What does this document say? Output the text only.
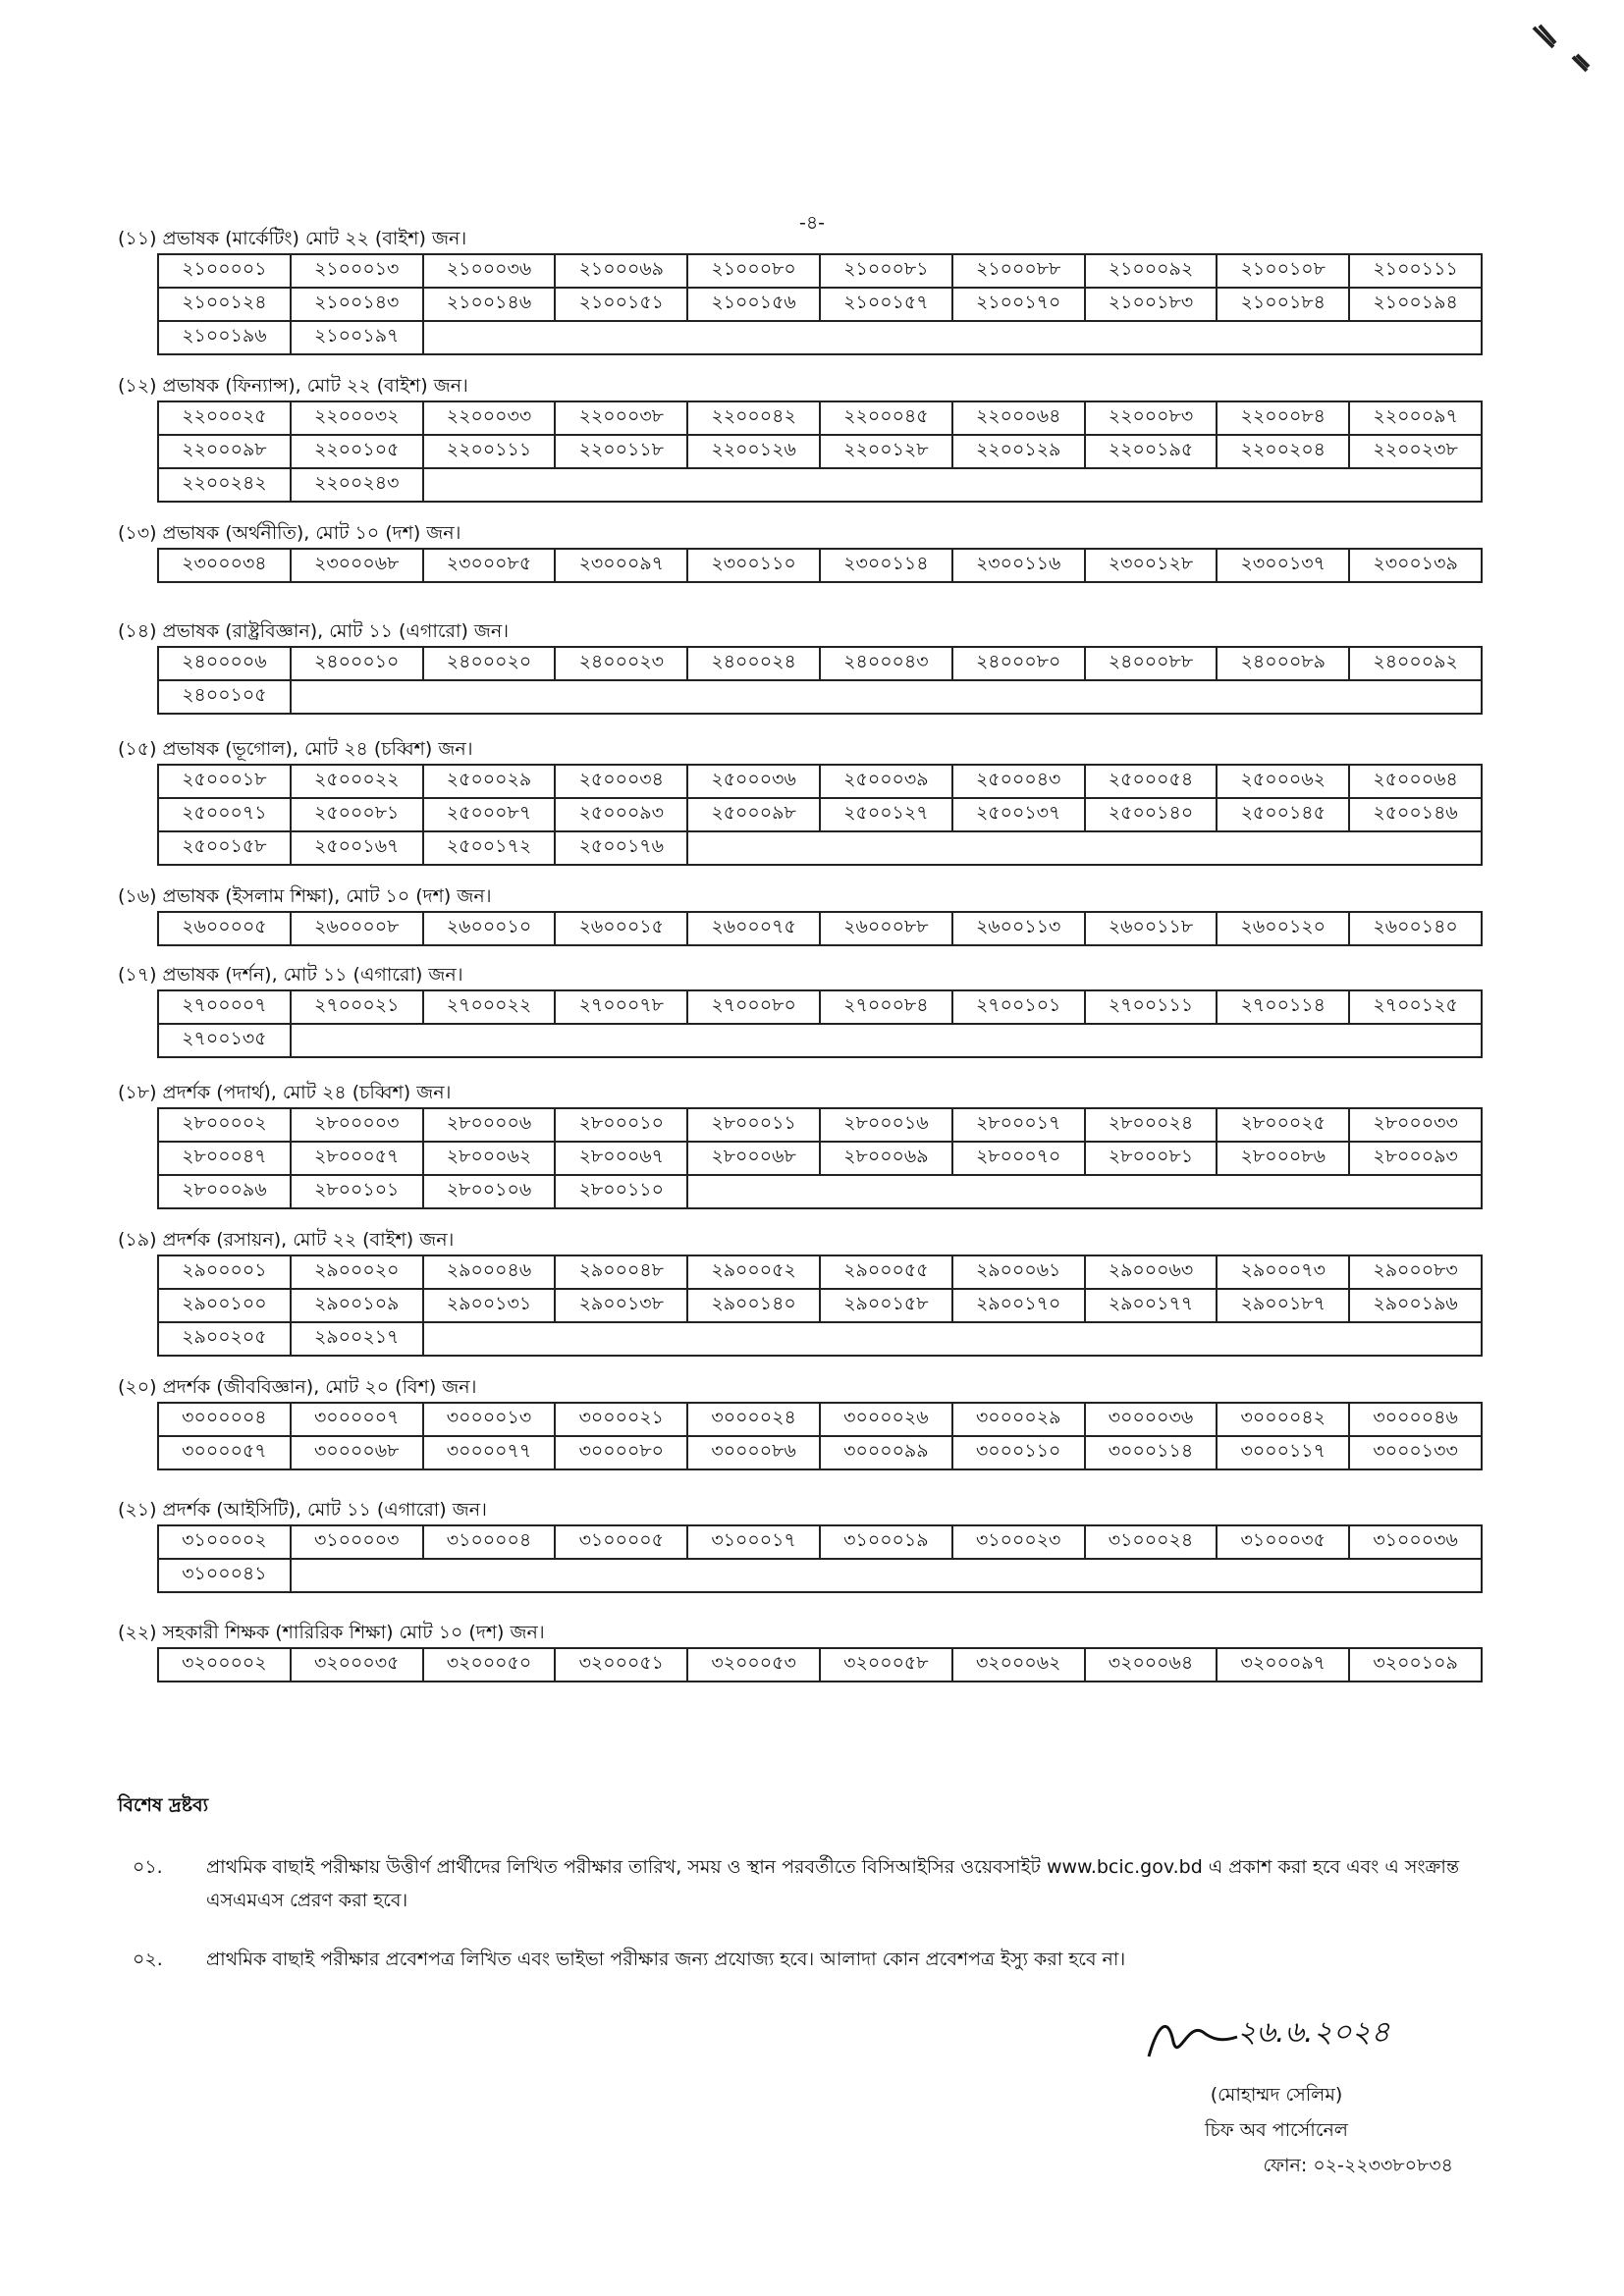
-৪-
(১১) প্রভাষক (মার্কেটিং) মোট ২২ (বাইশ) জন।
২১০০০০১	২১০০০১৩	২১০০০৩৬	২১০০০৬৯	২১০০০৮০	২১০০০৮১	২১০০০৮৮	২১০০০৯২	২১০০১০৮	২১০০১১১
২১০০১২৪	২১০০১৪৩	২১০০১৪৬	২১০০১৫১	২১০০১৫৬	২১০০১৫৭	২১০০১৭০	২১০০১৮৩	২১০০১৮৪	২১০০১৯৪
২১০০১৯৬	২১০০১৯৭								
(১২) প্রভাষক (ফিন্যান্স), মোট ২২ (বাইশ) জন।
২২০০০২৫	২২০০০৩২	২২০০০৩৩	২২০০০৩৮	২২০০০৪২	২২০০০৪৫	২২০০০৬৪	২২০০০৮৩	২২০০০৮৪	২২০০০৯৭
২২০০০৯৮	২২০০১০৫	২২০০১১১	২২০০১১৮	২২০০১২৬	২২০০১২৮	২২০০১২৯	২২০০১৯৫	২২০০২০৪	২২০০২৩৮
২২০০২৪২	২২০০২৪৩								
(১৩) প্রভাষক (অর্থনীতি), মোট ১০ (দশ) জন।
২৩০০০৩৪	২৩০০০৬৮	২৩০০০৮৫	২৩০০০৯৭	২৩০০১১০	২৩০০১১৪	২৩০০১১৬	২৩০০১২৮	২৩০০১৩৭	২৩০০১৩৯
(১৪) প্রভাষক (রাষ্ট্রবিজ্ঞান), মোট ১১ (এগারো) জন।
২৪০০০০৬	২৪০০০১০	২৪০০০২০	২৪০০০২৩	২৪০০০২৪	২৪০০০৪৩	২৪০০০৮০	২৪০০০৮৮	২৪০০০৮৯	২৪০০০৯২
২৪০০১০৫									
(১৫) প্রভাষক (ভূগোল), মোট ২৪ (চব্বিশ) জন।
২৫০০০১৮	২৫০০০২২	২৫০০০২৯	২৫০০০৩৪	২৫০০০৩৬	২৫০০০৩৯	২৫০০০৪৩	২৫০০০৫৪	২৫০০০৬২	২৫০০০৬৪
২৫০০০৭১	২৫০০০৮১	২৫০০০৮৭	২৫০০০৯৩	২৫০০০৯৮	২৫০০১২৭	২৫০০১৩৭	২৫০০১৪০	২৫০০১৪৫	২৫০০১৪৬
২৫০০১৫৮	২৫০০১৬৭	২৫০০১৭২	২৫০০১৭৬						
(১৬) প্রভাষক (ইসলাম শিক্ষা), মোট ১০ (দশ) জন।
২৬০০০০৫	২৬০০০০৮	২৬০০০১০	২৬০০০১৫	২৬০০০৭৫	২৬০০০৮৮	২৬০০১১৩	২৬০০১১৮	২৬০০১২০	২৬০০১৪০
(১৭) প্রভাষক (দর্শন), মোট ১১ (এগারো) জন।
২৭০০০০৭	২৭০০০২১	২৭০০০২২	২৭০০০৭৮	২৭০০০৮০	২৭০০০৮৪	২৭০০১০১	২৭০০১১১	২৭০০১১৪	২৭০০১২৫
২৭০০১৩৫									
(১৮) প্রদর্শক (পদার্থ), মোট ২৪ (চব্বিশ) জন।
২৮০০০০২	২৮০০০০৩	২৮০০০০৬	২৮০০০১০	২৮০০০১১	২৮০০০১৬	২৮০০০১৭	২৮০০০২৪	২৮০০০২৫	২৮০০০৩৩
২৮০০০৪৭	২৮০০০৫৭	২৮০০০৬২	২৮০০০৬৭	২৮০০০৬৮	২৮০০০৬৯	২৮০০০৭০	২৮০০০৮১	২৮০০০৮৬	২৮০০০৯৩
২৮০০০৯৬	২৮০০১০১	২৮০০১০৬	২৮০০১১০						
(১৯) প্রদর্শক (রসায়ন), মোট ২২ (বাইশ) জন।
২৯০০০০১	২৯০০০২০	২৯০০০৪৬	২৯০০০৪৮	২৯০০০৫২	২৯০০০৫৫	২৯০০০৬১	২৯০০০৬৩	২৯০০০৭৩	২৯০০০৮৩
২৯০০১০০	২৯০০১০৯	২৯০০১৩১	২৯০০১৩৮	২৯০০১৪০	২৯০০১৫৮	২৯০০১৭০	২৯০০১৭৭	২৯০০১৮৭	২৯০০১৯৬
২৯০০২০৫	২৯০০২১৭								
(২০) প্রদর্শক (জীববিজ্ঞান), মোট ২০ (বিশ) জন।
৩০০০০০৪	৩০০০০০৭	৩০০০০১৩	৩০০০০২১	৩০০০০২৪	৩০০০০২৬	৩০০০০২৯	৩০০০০৩৬	৩০০০০৪২	৩০০০০৪৬
৩০০০০৫৭	৩০০০০৬৮	৩০০০০৭৭	৩০০০০৮০	৩০০০০৮৬	৩০০০০৯৯	৩০০০১১০	৩০০০১১৪	৩০০০১১৭	৩০০০১৩৩
(২১) প্রদর্শক (আইসিটি), মোট ১১ (এগারো) জন।
৩১০০০০২	৩১০০০০৩	৩১০০০০৪	৩১০০০০৫	৩১০০০১৭	৩১০০০১৯	৩১০০০২৩	৩১০০০২৪	৩১০০০৩৫	৩১০০০৩৬
৩১০০০৪১									
(২২) সহকারী শিক্ষক (শারিরিক শিক্ষা) মোট ১০ (দশ) জন।
৩২০০০০২	৩২০০০৩৫	৩২০০০৫০	৩২০০০৫১	৩২০০০৫৩	৩২০০০৫৮	৩২০০০৬২	৩২০০০৬৪	৩২০০০৯৭	৩২০০১০৯
বিশেষ দ্রষ্টব্য
০১.	প্রাথমিক বাছাই পরীক্ষায় উত্তীর্ণ প্রার্থীদের লিখিত পরীক্ষার তারিখ, সময় ও স্থান পরবর্তীতে বিসিআইসির ওয়েবসাইট www.bcic.gov.bd এ প্রকাশ করা হবে এবং এ সংক্রান্ত এসএমএস প্রেরণ করা হবে।
০২.	প্রাথমিক বাছাই পরীক্ষার প্রবেশপত্র লিখিত এবং ভাইভা পরীক্ষার জন্য প্রযোজ্য হবে। আলাদা কোন প্রবেশপত্র ইস্যু করা হবে না।
২৬.৬.২০২৪
(মোহাম্মদ সেলিম)
চিফ অব পার্সোনেল
ফোন: ০২-২২৩৩৮০৮৩৪
